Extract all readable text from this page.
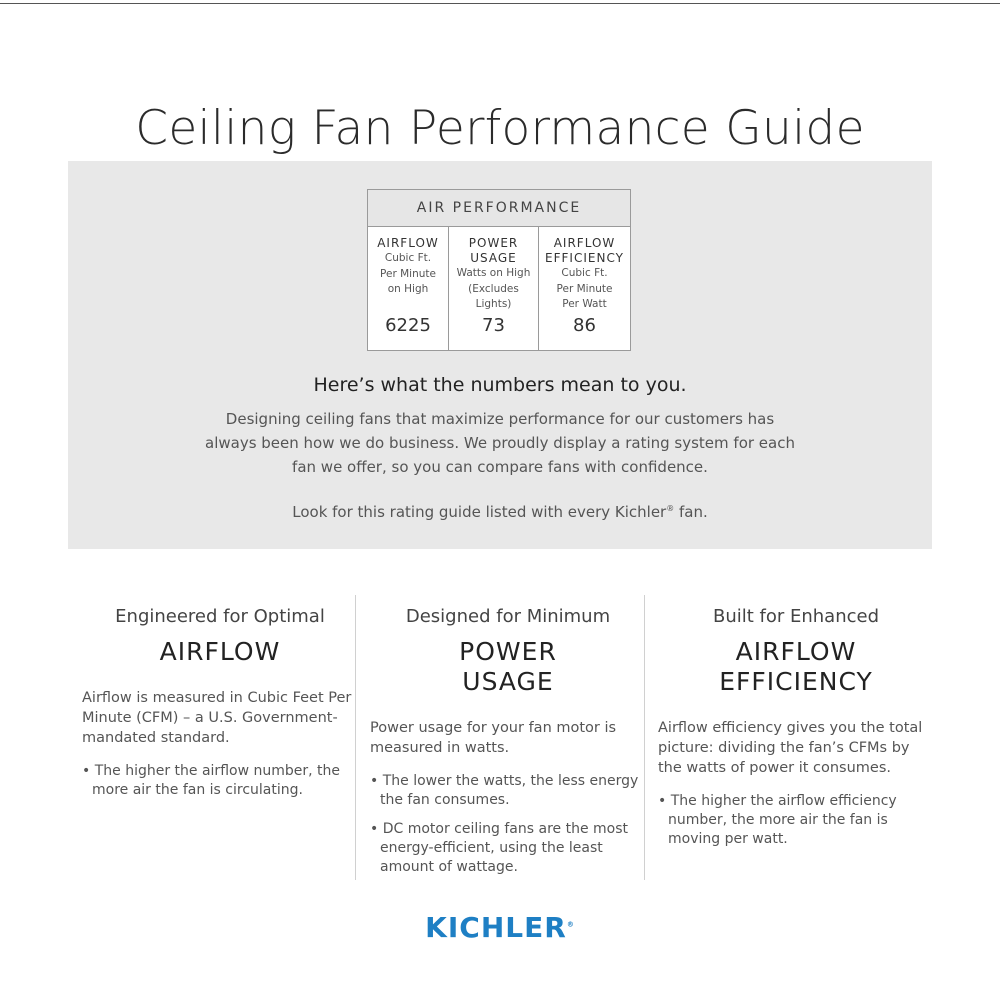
Ceiling Fan Performance Guide
AIR PERFORMANCE
AIRFLOW
Cubic Ft.
Per Minute
on High
6225
POWER
USAGE
Watts on High
(Excludes
Lights)
73
AIRFLOW
EFFICIENCY
Cubic Ft.
Per Minute
Per Watt
86
Here’s what the numbers mean to you.
Designing ceiling fans that maximize performance for our customers has always been how we do business. We proudly display a rating system for each fan we offer, so you can compare fans with confidence.
Look for this rating guide listed with every Kichler® fan.
Engineered for Optimal
AIRFLOW
Airflow is measured in Cubic Feet Per Minute (CFM) – a U.S. Government-mandated standard.
• The higher the airflow number, the more air the fan is circulating.
Designed for Minimum
POWER
USAGE
Power usage for your fan motor is measured in watts.
• The lower the watts, the less energy the fan consumes.
• DC motor ceiling fans are the most energy-efficient, using the least amount of wattage.
Built for Enhanced
AIRFLOW
EFFICIENCY
Airflow efficiency gives you the total picture: dividing the fan’s CFMs by the watts of power it consumes.
• The higher the airflow efficiency number, the more air the fan is moving per watt.
KICHLER®
